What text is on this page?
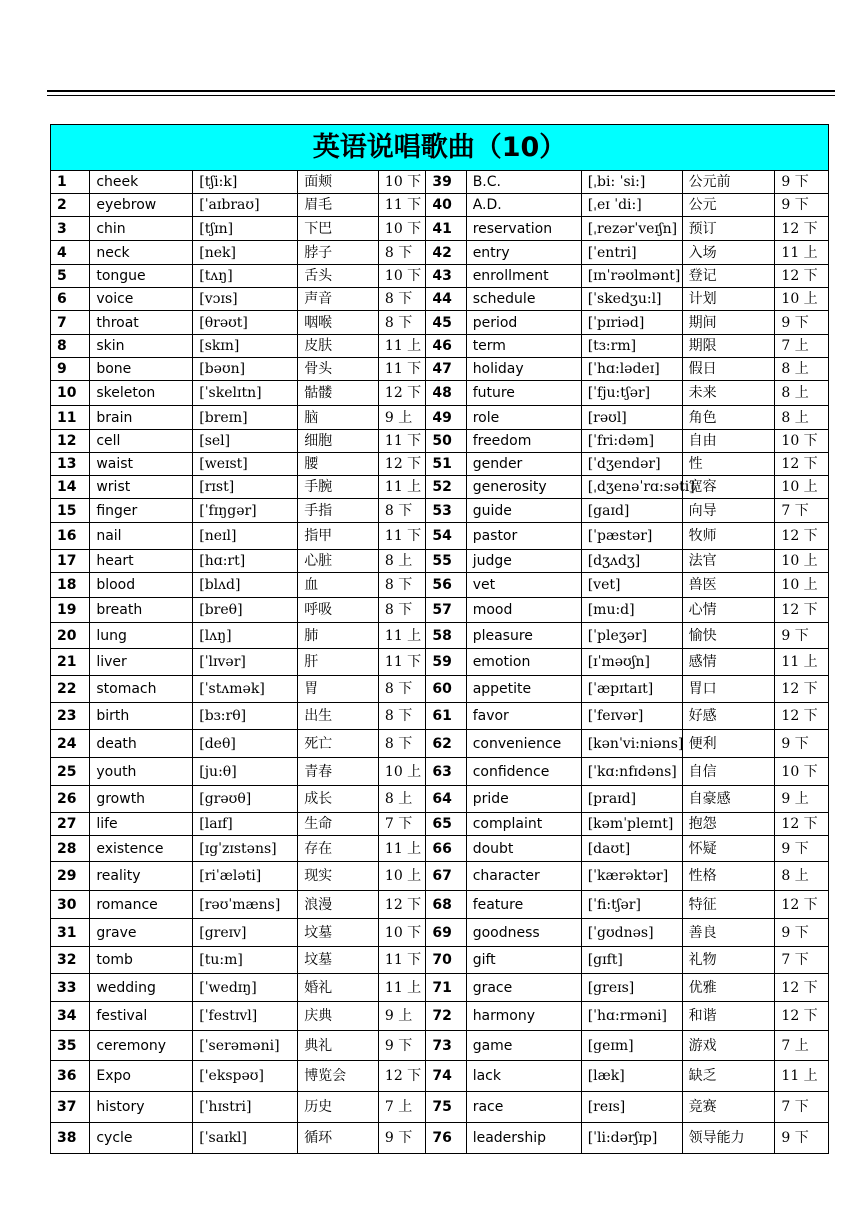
英语说唱歌曲（10）									
1	cheek	[tʃi:k]	面颊	10 下	39	B.C.	[ˌbi: ˈsi:]	公元前	9 下
2	eyebrow	[ˈaɪbraʊ]	眉毛	11 下	40	A.D.	[ˌeɪ ˈdi:]	公元	9 下
3	chin	[tʃɪn]	下巴	10 下	41	reservation	[ˌrezərˈveɪʃn]	预订	12 下
4	neck	[nek]	脖子	8 下	42	entry	[ˈentri]	入场	11 上
5	tongue	[tʌŋ]	舌头	10 下	43	enrollment	[ɪnˈrəʊlmənt]	登记	12 下
6	voice	[vɔɪs]	声音	8 下	44	schedule	[ˈskedʒu:l]	计划	10 上
7	throat	[θrəʊt]	咽喉	8 下	45	period	[ˈpɪriəd]	期间	9 下
8	skin	[skɪn]	皮肤	11 上	46	term	[tɜ:rm]	期限	7 上
9	bone	[bəʊn]	骨头	11 下	47	holiday	[ˈhɑ:lədeɪ]	假日	8 上
10	skeleton	[ˈskelɪtn]	骷髅	12 下	48	future	[ˈfju:tʃər]	未来	8 上
11	brain	[breɪn]	脑	9 上	49	role	[rəʊl]	角色	8 上
12	cell	[sel]	细胞	11 下	50	freedom	[ˈfri:dəm]	自由	10 下
13	waist	[weɪst]	腰	12 下	51	gender	[ˈdʒendər]	性	12 下
14	wrist	[rɪst]	手腕	11 上	52	generosity	[ˌdʒenəˈrɑ:səti]	宽容	10 上
15	finger	[ˈfɪŋgər]	手指	8 下	53	guide	[gaɪd]	向导	7 下
16	nail	[neɪl]	指甲	11 下	54	pastor	[ˈpæstər]	牧师	12 下
17	heart	[hɑ:rt]	心脏	8 上	55	judge	[dʒʌdʒ]	法官	10 上
18	blood	[blʌd]	血	8 下	56	vet	[vet]	兽医	10 上
19	breath	[breθ]	呼吸	8 下	57	mood	[mu:d]	心情	12 下
20	lung	[lʌŋ]	肺	11 上	58	pleasure	[ˈpleʒər]	愉快	9 下
21	liver	[ˈlɪvər]	肝	11 下	59	emotion	[ɪˈməʊʃn]	感情	11 上
22	stomach	[ˈstʌmək]	胃	8 下	60	appetite	[ˈæpɪtaɪt]	胃口	12 下
23	birth	[bɜ:rθ]	出生	8 下	61	favor	[ˈfeɪvər]	好感	12 下
24	death	[deθ]	死亡	8 下	62	convenience	[kənˈvi:niəns]	便利	9 下
25	youth	[ju:θ]	青春	10 上	63	confidence	[ˈkɑ:nfɪdəns]	自信	10 下
26	growth	[grəʊθ]	成长	8 上	64	pride	[praɪd]	自豪感	9 上
27	life	[laɪf]	生命	7 下	65	complaint	[kəmˈpleɪnt]	抱怨	12 下
28	existence	[ɪgˈzɪstəns]	存在	11 上	66	doubt	[daʊt]	怀疑	9 下
29	reality	[riˈæləti]	现实	10 上	67	character	[ˈkærəktər]	性格	8 上
30	romance	[rəʊˈmæns]	浪漫	12 下	68	feature	[ˈfi:tʃər]	特征	12 下
31	grave	[greɪv]	坟墓	10 下	69	goodness	[ˈgʊdnəs]	善良	9 下
32	tomb	[tu:m]	坟墓	11 下	70	gift	[gɪft]	礼物	7 下
33	wedding	[ˈwedɪŋ]	婚礼	11 上	71	grace	[greɪs]	优雅	12 下
34	festival	[ˈfestɪvl]	庆典	9 上	72	harmony	[ˈhɑ:rməni]	和谐	12 下
35	ceremony	[ˈserəməni]	典礼	9 下	73	game	[geɪm]	游戏	7 上
36	Expo	['ekspəʊ]	博览会	12 下	74	lack	[læk]	缺乏	11 上
37	history	[ˈhɪstri]	历史	7 上	75	race	[reɪs]	竞赛	7 下
38	cycle	[ˈsaɪkl]	循环	9 下	76	leadership	[ˈli:dərʃɪp]	领导能力	9 下
